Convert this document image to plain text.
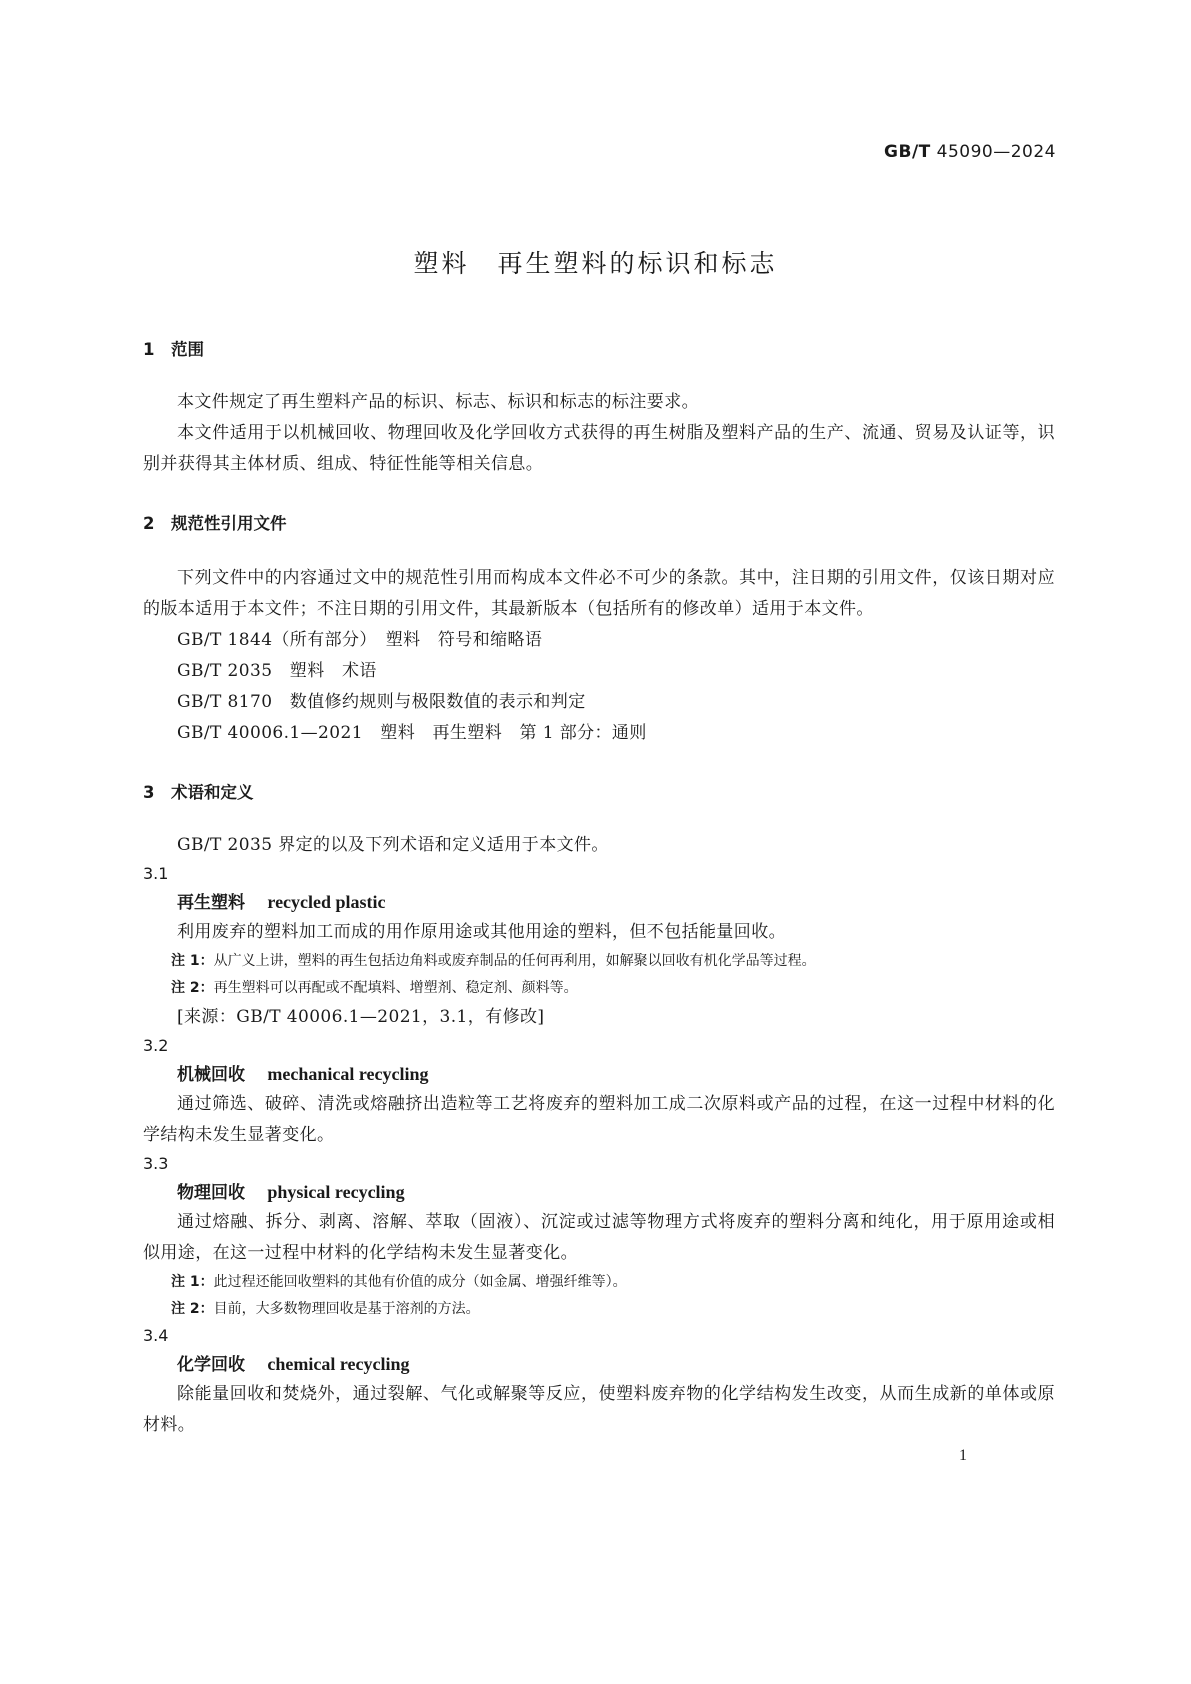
GB/T 45090—2024
塑料　再生塑料的标识和标志
1　范围

本文件规定了再生塑料产品的标识、标志、标识和标志的标注要求。

本文件适用于以机械回收、物理回收及化学回收方式获得的再生树脂及塑料产品的生产、流通、贸易及认证等，识别并获得其主体材质、组成、特征性能等相关信息。

2　规范性引用文件

下列文件中的内容通过文中的规范性引用而构成本文件必不可少的条款。其中，注日期的引用文件，仅该日期对应的版本适用于本文件；不注日期的引用文件，其最新版本（包括所有的修改单）适用于本文件。

GB/T 1844（所有部分）　塑料　符号和缩略语

GB/T 2035　塑料　术语

GB/T 8170　数值修约规则与极限数值的表示和判定

GB/T 40006.1—2021　塑料　再生塑料　第 1 部分：通则

3　术语和定义

GB/T 2035 界定的以及下列术语和定义适用于本文件。

3.1
再生塑料　 recycled plastic

利用废弃的塑料加工而成的用作原用途或其他用途的塑料，但不包括能量回收。

注 1：从广义上讲，塑料的再生包括边角料或废弃制品的任何再利用，如解聚以回收有机化学品等过程。
注 2：再生塑料可以再配或不配填料、增塑剂、稳定剂、颜料等。

[来源：GB/T 40006.1—2021，3.1，有修改]

3.2
机械回收　 mechanical recycling

通过筛选、破碎、清洗或熔融挤出造粒等工艺将废弃的塑料加工成二次原料或产品的过程，在这一过程中材料的化学结构未发生显著变化。

3.3
物理回收　 physical recycling

通过熔融、拆分、剥离、溶解、萃取（固液）、沉淀或过滤等物理方式将废弃的塑料分离和纯化，用于原用途或相似用途，在这一过程中材料的化学结构未发生显著变化。

注 1：此过程还能回收塑料的其他有价值的成分（如金属、增强纤维等）。
注 2：目前，大多数物理回收是基于溶剂的方法。
3.4
化学回收　 chemical recycling

除能量回收和焚烧外，通过裂解、气化或解聚等反应，使塑料废弃物的化学结构发生改变，从而生成新的单体或原材料。

1
